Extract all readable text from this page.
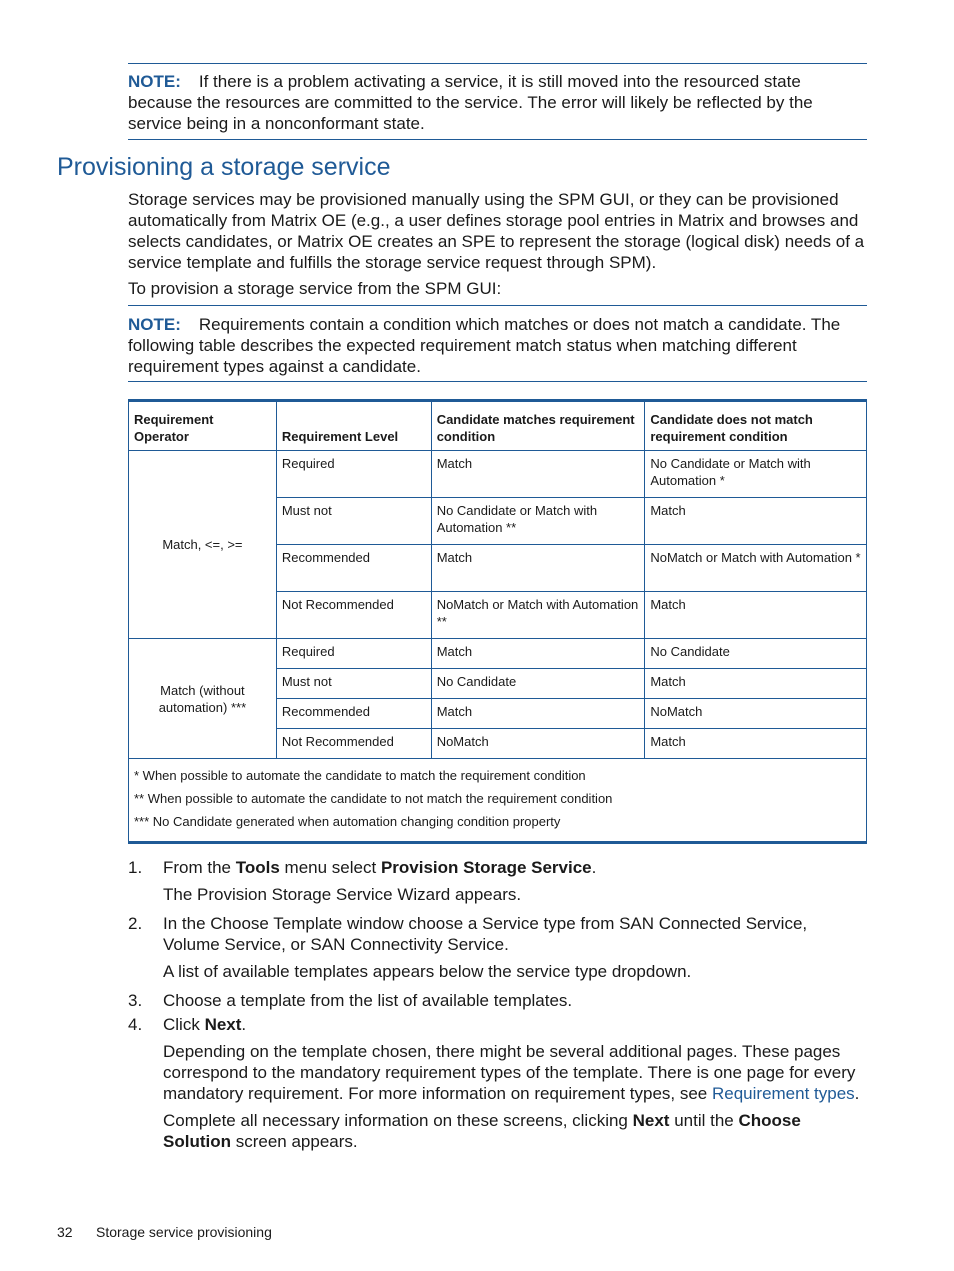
NOTE: If there is a problem activating a service, it is still moved into the resourced state because the resources are committed to the service. The error will likely be reflected by the service being in a nonconformant state.
Provisioning a storage service

Storage services may be provisioned manually using the SPM GUI, or they can be provisioned automatically from Matrix OE (e.g., a user defines storage pool entries in Matrix and browses and selects candidates, or Matrix OE creates an SPE to represent the storage (logical disk) needs of a service template and fulfills the storage service request through SPM).

To provision a storage service from the SPM GUI:

NOTE: Requirements contain a condition which matches or does not match a candidate. The following table describes the expected requirement match status when matching different requirement types against a candidate.
Requirement Operator	Requirement Level	Candidate matches requirement condition	Candidate does not match requirement condition
Match, <=, >=	Required	Match	No Candidate or Match with Automation *
	Must not	No Candidate or Match with Automation **	Match
	Recommended	Match	NoMatch or Match with Automation *
	Not Recommended	NoMatch or Match with Automation **	Match
Match (without automation) ***	Required	Match	No Candidate
	Must not	No Candidate	Match
	Recommended	Match	NoMatch
	Not Recommended	NoMatch	Match

* When possible to automate the candidate to match the requirement condition
** When possible to automate the candidate to not match the requirement condition
*** No Candidate generated when automation changing condition property			
1. From the Tools menu select Provision Storage Service.
The Provision Storage Service Wizard appears.
2. In the Choose Template window choose a Service type from SAN Connected Service, Volume Service, or SAN Connectivity Service.
A list of available templates appears below the service type dropdown.
3. Choose a template from the list of available templates.
4. Click Next.
Depending on the template chosen, there might be several additional pages. These pages correspond to the mandatory requirement types of the template. There is one page for every mandatory requirement. For more information on requirement types, see Requirement types.
Complete all necessary information on these screens, clicking Next until the Choose Solution screen appears.
32 Storage service provisioning
